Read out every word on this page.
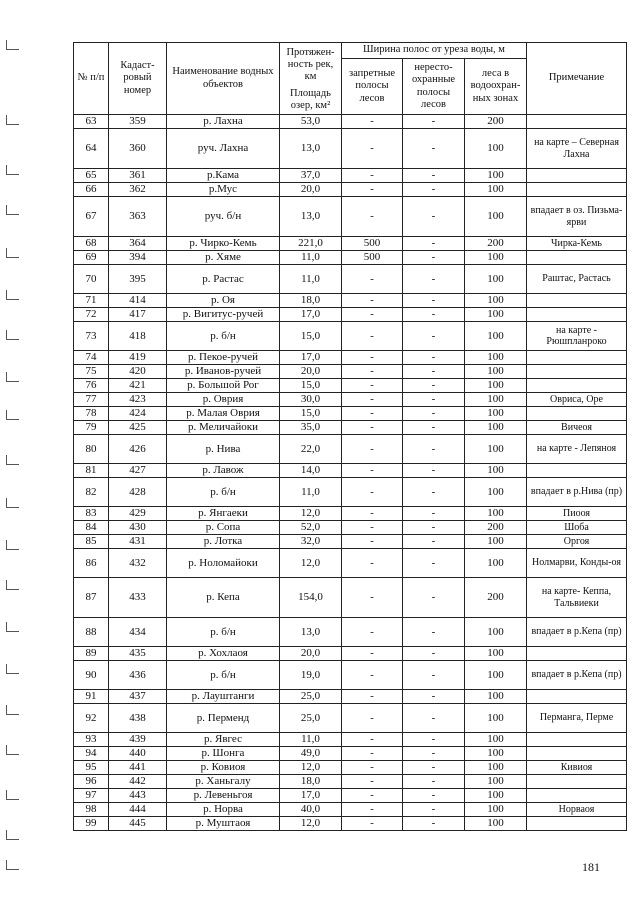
№ п/п	Кадаст-ровый номер	Наименование водных объектов	Протяжен-ность рек, км	Ширина полос от уреза воды, м			Примечание
				запретные полосы лесов	нересто-охранные полосы лесов	леса в водоохран-ных зонах	
			Площадь озер, км²				
63	359	р. Лахна	53,0	-	-	200	
64	360	руч. Лахна	13,0	-	-	100	на карте – Северная Лахна
65	361	р.Кама	37,0	-	-	100	
66	362	р.Мус	20,0	-	-	100	
67	363	руч. б/н	13,0	-	-	100	впадает в оз. Пизьма-ярви
68	364	р. Чирко-Кемь	221,0	500	-	200	Чирка-Кемь
69	394	р. Хяме	11,0	500	-	100	
70	395	р. Растас	11,0	-	-	100	Раштас, Растась
71	414	р. Оя	18,0	-	-	100	
72	417	р. Вигитус-ручей	17,0	-	-	100	
73	418	р. б/н	15,0	-	-	100	на карте - Рюшпланроко
74	419	р. Пекое-ручей	17,0	-	-	100	
75	420	р. Иванов-ручей	20,0	-	-	100	
76	421	р. Большой Рог	15,0	-	-	100	
77	423	р. Оврия	30,0	-	-	100	Овриса, Оре
78	424	р. Малая Оврия	15,0	-	-	100	
79	425	р. Меличайоки	35,0	-	-	100	Вичеоя
80	426	р. Нива	22,0	-	-	100	на карте - Лепяноя
81	427	р. Лавож	14,0	-	-	100	
82	428	р. б/н	11,0	-	-	100	впадает в р.Нива (пр)
83	429	р. Янгаеки	12,0	-	-	100	Пиооя
84	430	р. Сопа	52,0	-	-	200	Шоба
85	431	р. Лотка	32,0	-	-	100	Оргоя
86	432	р. Ноломайоки	12,0	-	-	100	Нолмарви, Конды-оя
87	433	р. Кепа	154,0	-	-	200	на карте- Кеппа, Тальвиеки
88	434	р. б/н	13,0	-	-	100	впадает в р.Кепа (пр)
89	435	р. Хохлаоя	20,0	-	-	100	
90	436	р. б/н	19,0	-	-	100	впадает в р.Кепа (пр)
91	437	р. Лауштанги	25,0	-	-	100	
92	438	р. Перменд	25,0	-	-	100	Перманга, Перме
93	439	р. Явгес	11,0	-	-	100	
94	440	р. Шонга	49,0	-	-	100	
95	441	р. Ковиоя	12,0	-	-	100	Кивиоя
96	442	р. Ханьгалу	18,0	-	-	100	
97	443	р. Левеньгоя	17,0	-	-	100	
98	444	р. Норва	40,0	-	-	100	Норваоя
99	445	р. Муштаоя	12,0	-	-	100	
181
